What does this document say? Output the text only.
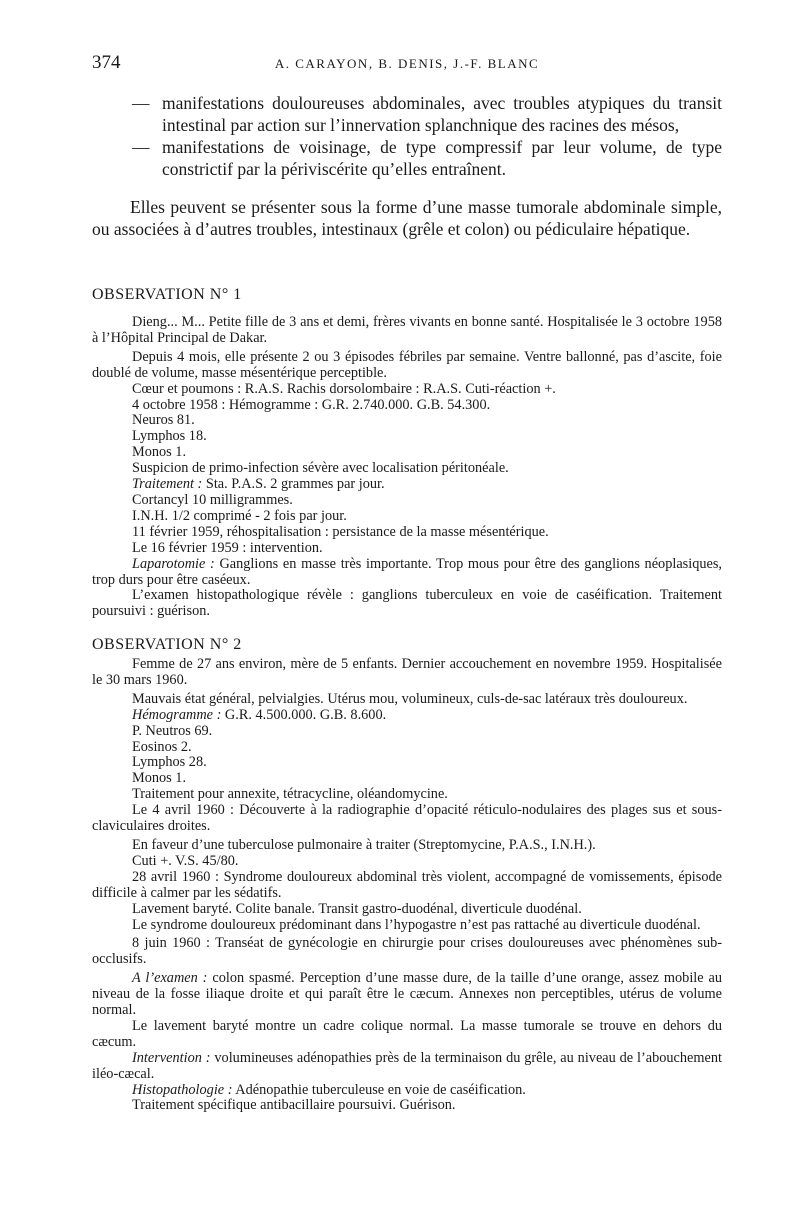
374	A. CARAYON, B. DENIS, J.-F. BLANC
— manifestations douloureuses abdominales, avec troubles atypiques du transit intestinal par action sur l’innervation splanchnique des racines des mésos,
— manifestations de voisinage, de type compressif par leur volume, de type constrictif par la périviscérite qu’elles entraînent.

Elles peuvent se présenter sous la forme d’une masse tumorale abdominale simple, ou associées à d’autres troubles, intestinaux (grêle et colon) ou pédiculaire hépatique.

OBSERVATION N° 1

Dieng... M... Petite fille de 3 ans et demi, frères vivants en bonne santé. Hospitalisée le 3 octobre 1958 à l’Hôpital Principal de Dakar.

Depuis 4 mois, elle présente 2 ou 3 épisodes fébriles par semaine. Ventre ballonné, pas d’ascite, foie doublé de volume, masse mésentérique perceptible.

Cœur et poumons : R.A.S. Rachis dorsolombaire : R.A.S. Cuti-réaction +.

4 octobre 1958 : Hémogramme : G.R. 2.740.000. G.B. 54.300.

Neuros 81.

Lymphos 18.

Monos 1.

Suspicion de primo-infection sévère avec localisation péritonéale.

Traitement : Sta. P.A.S. 2 grammes par jour.

Cortancyl 10 milligrammes.

I.N.H. 1/2 comprimé - 2 fois par jour.

11 février 1959, réhospitalisation : persistance de la masse mésentérique.

Le 16 février 1959 : intervention.

Laparotomie : Ganglions en masse très importante. Trop mous pour être des ganglions néoplasiques, trop durs pour être caséeux.

L’examen histopathologique révèle : ganglions tuberculeux en voie de caséification. Traitement poursuivi : guérison.

OBSERVATION N° 2

Femme de 27 ans environ, mère de 5 enfants. Dernier accouchement en novembre 1959. Hospitalisée le 30 mars 1960.

Mauvais état général, pelvialgies. Utérus mou, volumineux, culs-de-sac latéraux très douloureux.

Hémogramme : G.R. 4.500.000. G.B. 8.600.

P. Neutros 69.

Eosinos 2.

Lymphos 28.

Monos 1.

Traitement pour annexite, tétracycline, oléandomycine.

Le 4 avril 1960 : Découverte à la radiographie d’opacité réticulo-nodulaires des plages sus et sous-claviculaires droites.

En faveur d’une tuberculose pulmonaire à traiter (Streptomycine, P.A.S., I.N.H.).

Cuti +. V.S. 45/80.

28 avril 1960 : Syndrome douloureux abdominal très violent, accompagné de vomissements, épisode difficile à calmer par les sédatifs.

Lavement baryté. Colite banale. Transit gastro-duodénal, diverticule duodénal.

Le syndrome douloureux prédominant dans l’hypogastre n’est pas rattaché au diverticule duodénal.

8 juin 1960 : Transéat de gynécologie en chirurgie pour crises douloureuses avec phénomènes sub-occlusifs.

A l’examen : colon spasmé. Perception d’une masse dure, de la taille d’une orange, assez mobile au niveau de la fosse iliaque droite et qui paraît être le cæcum. Annexes non perceptibles, utérus de volume normal.

Le lavement baryté montre un cadre colique normal. La masse tumorale se trouve en dehors du cæcum.

Intervention : volumineuses adénopathies près de la terminaison du grêle, au niveau de l’abouchement iléo-cæcal.

Histopathologie : Adénopathie tuberculeuse en voie de caséification.

Traitement spécifique antibacillaire poursuivi. Guérison.
